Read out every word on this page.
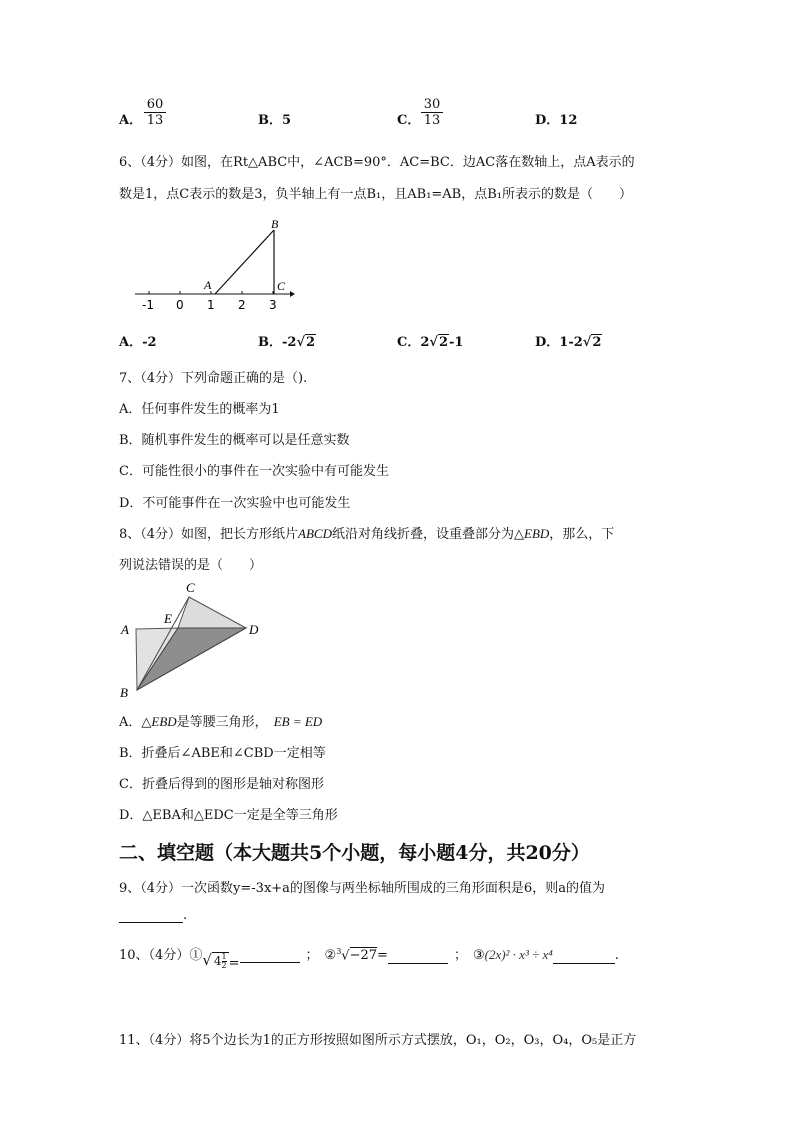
A．
60
13	B．5	C．
30
13	D．12
6、（4分）如图，在Rt△ABC中，∠ACB=90°．AC=BC．边AC落在数轴上，点A表示的
数是1，点C表示的数是3，负半轴上有一点B₁，且AB₁=AB，点B₁所表示的数是（　　）
B
A	C
-1 0 1 2 3
A．-2	B．-2√2	C．2√2-1	D．1-2√2
7、（4分）下列命题正确的是（).
A．任何事件发生的概率为1
B．随机事件发生的概率可以是任意实数
C．可能性很小的事件在一次实验中有可能发生
D．不可能事件在一次实验中也可能发生
8、（4分）如图，把长方形纸片ABCD纸沿对角线折叠，设重叠部分为△EBD，那么，下
列说法错误的是（　　）
C
E
A	D
B
A．△EBD是等腰三角形， EB = ED
B．折叠后∠ABE和∠CBD一定相等
C．折叠后得到的图形是轴对称图形
D．△EBA和△EDC一定是全等三角形
二、填空题（本大题共5个小题，每小题4分，共20分）
9、（4分）一次函数y=-3x+a的图像与两坐标轴所围成的三角形面积是6，则a的值为
.
10、（4分）①√ $4 \frac{1}{2}$ =； ②$^3$√−27=	； ③(2x)² · x³ ÷ x⁴	.
11、（4分）将5个边长为1的正方形按照如图所示方式摆放，O₁，O₂，O₃，O₄，O₅是正方
